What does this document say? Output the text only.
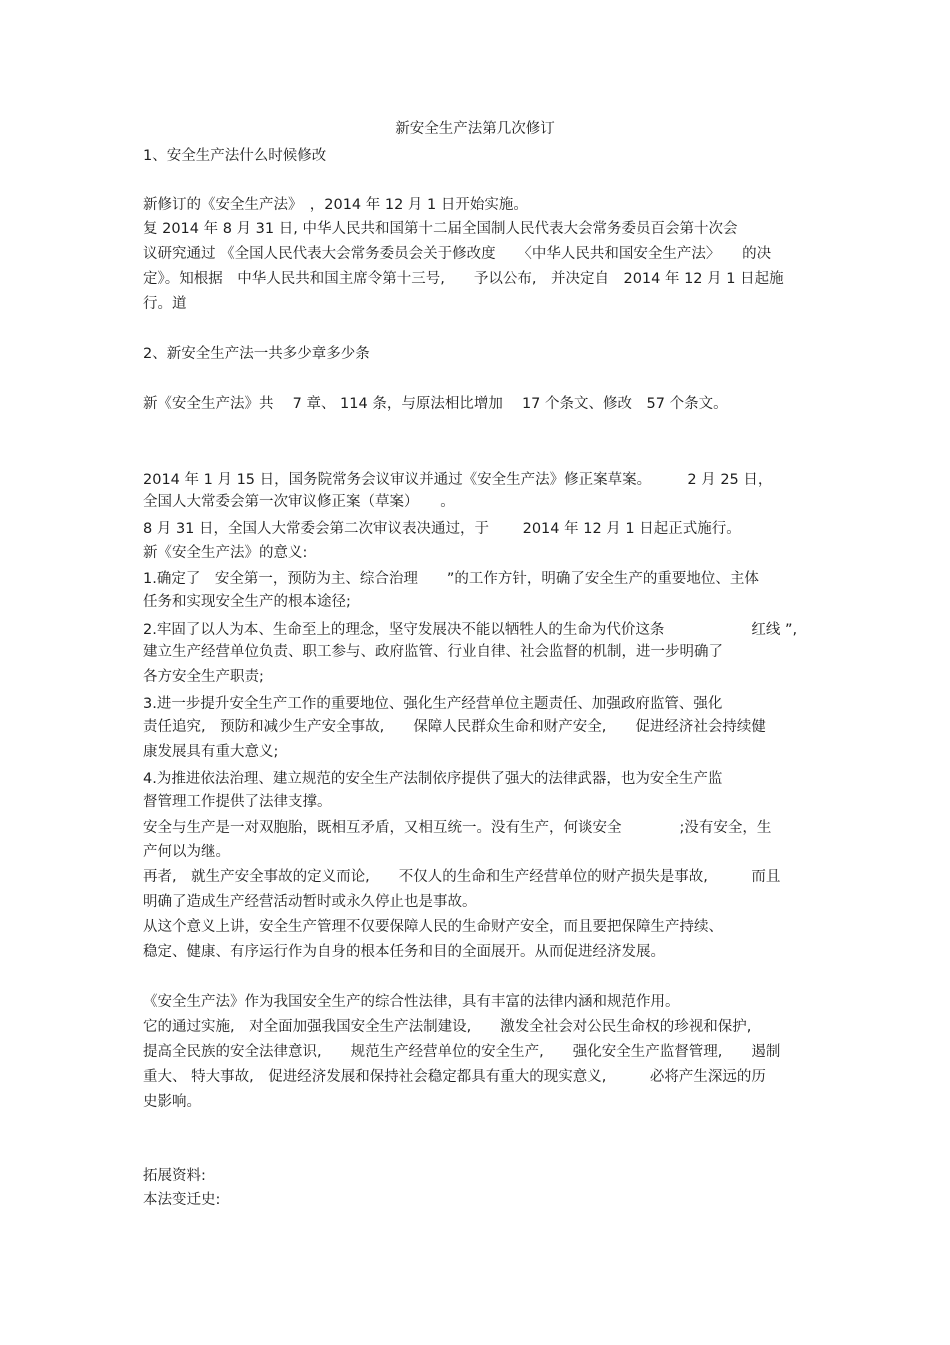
新安全生产法第几次修订

1、安全生产法什么时候修改

新修订的《安全生产法》　，2014 年 12 月 1 日开始实施。

复 2014 年 8 月 31 日, 中华人民共和国第十二届全国制人民代表大会常务委员百会第十次会

议研究通过 《全国人民代表大会常务委员会关于修改度　　〈中华人民共和国安全生产法〉　　的决

定》。知根据　中华人民共和国主席令第十三号,　　予以公布,　并决定自　2014 年 12 月 1 日起施

行。道

2、新安全生产法一共多少章多少条

新《安全生产法》共　 7 章、 114 条，与原法相比增加　 17 个条文、修改　57 个条文。

2014 年 1 月 15 日，国务院常务会议审议并通过《安全生产法》修正案草案。　　　2 月 25 日，

全国人大常委会第一次审议修正案（草案）　　。

8 月 31 日，全国人大常委会第二次审议表决通过，于　　 2014 年 12 月 1 日起正式施行。

新《安全生产法》的意义:

1.确定了　安全第一，预防为主、综合治理　　”的工作方针，明确了安全生产的重要地位、主体

任务和实现安全生产的根本途径;

2.牢固了以人为本、生命至上的理念，坚守发展决不能以牺牲人的生命为代价这条　　　　　　红线 ”,

建立生产经营单位负责、职工参与、政府监管、行业自律、社会监督的机制，进一步明确了

各方安全生产职责;

3.进一步提升安全生产工作的重要地位、强化生产经营单位主题责任、加强政府监管、强化

责任追究,　预防和减少生产安全事故,　　保障人民群众生命和财产安全,　　促进经济社会持续健

康发展具有重大意义;

4.为推进依法治理、建立规范的安全生产法制依序提供了强大的法律武器，也为安全生产监

督管理工作提供了法律支撑。

安全与生产是一对双胞胎，既相互矛盾，又相互统一。没有生产，何谈安全　　　　;没有安全，生

产何以为继。

再者,　就生产安全事故的定义而论,　　不仅人的生命和生产经营单位的财产损失是事故,　　　而且

明确了造成生产经营活动暂时或永久停止也是事故。

从这个意义上讲，安全生产管理不仅要保障人民的生命财产安全，而且要把保障生产持续、

稳定、健康、有序运行作为自身的根本任务和目的全面展开。从而促进经济发展。

《安全生产法》作为我国安全生产的综合性法律，具有丰富的法律内涵和规范作用。

它的通过实施,　对全面加强我国安全生产法制建设,　　激发全社会对公民生命权的珍视和保护,

提高全民族的安全法律意识,　　规范生产经营单位的安全生产,　　强化安全生产监督管理,　　遏制

重大、 特大事故,　促进经济发展和保持社会稳定都具有重大的现实意义,　　　必将产生深远的历

史影响。

拓展资料:

本法变迁史:
